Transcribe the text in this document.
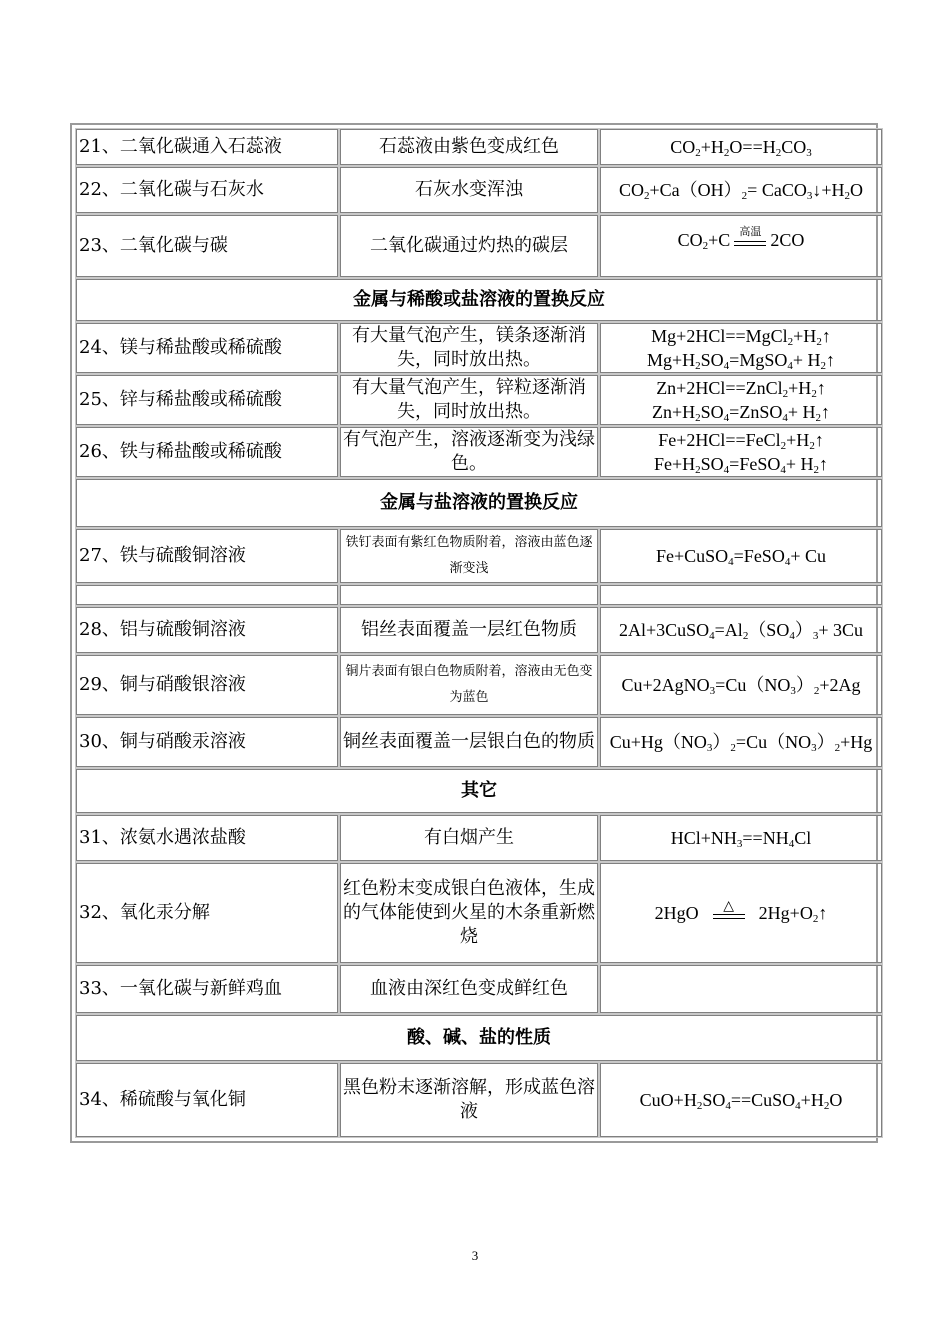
21、二氧化碳通入石蕊液	石蕊液由紫色变成红色	$CO_2+H_2O==H_2CO_3$
22、二氧化碳与石灰水	石灰水变浑浊	$CO_2+Ca(OH)_2=$ $CaCO_3↓+H_2O$
23、二氧化碳与碳	二氧化碳通过灼热的碳层	$CO_2+C$ 高温 2CO
金属与稀酸或盐溶液的置换反应		
24、镁与稀盐酸或稀硫酸	有大量气泡产生，镁条逐渐消失，同时放出热。	$Mg+2HCl==MgCl_2+H_2↑$
$Mg+H_2SO_4=MgSO_4+$ $H_2↑$

25、锌与稀盐酸或稀硫酸	有大量气泡产生，锌粒逐渐消失，同时放出热。	$Zn+2HCl==ZnCl_2+H_2↑$
$Zn+H_2SO_4=ZnSO_4+$ $H_2↑$

26、铁与稀盐酸或稀硫酸	有气泡产生，溶液逐渐变为浅绿色。	$Fe+2HCl==FeCl_2+H_2↑$
$Fe+H_2SO_4=FeSO_4+$ $H_2↑$

金属与盐溶液的置换反应		
27、铁与硫酸铜溶液	铁钉表面有紫红色物质附着，溶液由蓝色逐渐变浅	Fe+CuSO$_4$=FeSO$_4$+ Cu

28、铝与硫酸铜溶液	铝丝表面覆盖一层红色物质	$2Al+3CuSO_4=Al_2(SO_4)_3+ 3Cu$
29、铜与硝酸银溶液	铜片表面有银白色物质附着，溶液由无色变为蓝色	$Cu+2AgNO_3=Cu(NO_3)_2+2Ag$
30、铜与硝酸汞溶液	铜丝表面覆盖一层银白色的物质	$Cu+Hg(NO_3)_2=Cu(NO_3)_2+Hg$
其它		
31、浓氨水遇浓盐酸	有白烟产生	$HCl+NH_3==NH_4Cl$
32、氧化汞分解	红色粉末变成银白色液体，生成的气体能使到火星的木条重新燃烧	2HgO △ $2Hg+O_2↑$
33、一氧化碳与新鲜鸡血	血液由深红色变成鲜红色	
酸、碱、盐的性质		
34、稀硫酸与氧化铜	黑色粉末逐渐溶解，形成蓝色溶液	$CuO+H_2SO_4==CuSO_4+H_2O$
3
